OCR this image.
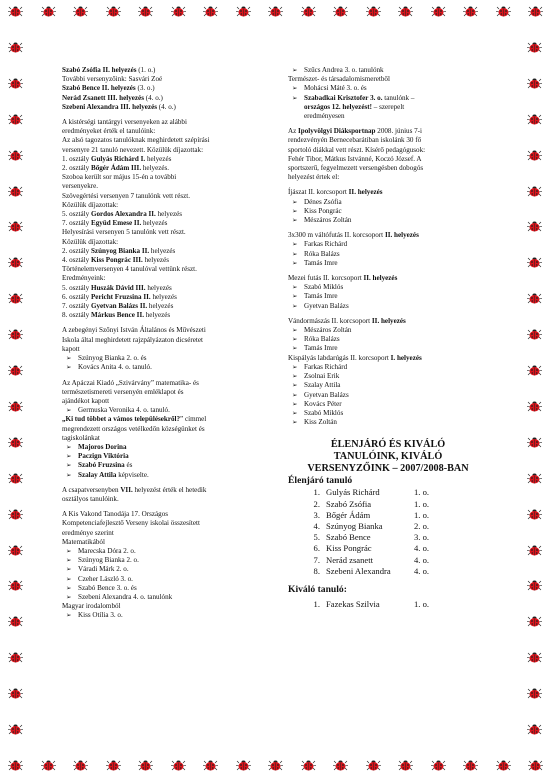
Szabó Zsófia II. helyezés (1. o.)
További versenyzőink: Sasvári Zoé
Szabó Bence II. helyezés (3. o.)
Nerád Zsanett III. helyezés (4. o.)
Szebeni Alexandra III. helyezés (4. o.)
A kistérségi tantárgyi versenyeken az alábbi
eredményeket érték el tanulóink:
Az alsó tagozatos tanulóknak meghirdetett szépírási
versenyre 21 tanuló nevezett. Közülük díjazottak:
1. osztály Gulyás Richárd I. helyezés
2. osztály Bőgér Ádám III. helyezés.
Szoboa került sor május 15-én a további
versenyekre.
Szövegértési versenyen 7 tanulónk vett részt.
Közülük díjazottak:
5. osztály Gordos Alexandra II. helyezés
7. osztály Együd Emese II. helyezés
Helyesírási versenyen 5 tanulónk vett részt.
Közülük díjazottak:
2. osztály Szúnyog Bianka II. helyezés
4. osztály Kiss Pongrác III. helyezés
Történelemversenyen 4 tanulóval vettünk részt.
Eredményeink:
5. osztály Huszák Dávid III. helyezés
6. osztály Pericht Fruzsina II. helyezés
7. osztály Gyetvan Balázs II. helyezés
8. osztály Márkus Bence II. helyezés
A zebegényi Szőnyi István Általános és Művészeti
Iskola által meghirdetett rajzpályázaton dicséretet
kapott
➢ Szúnyog Bianka 2. o. és
➢ Kovács Anita 4. o. tanuló.
Az Apáczai Kiadó „Szivárvány” matematika- és
természetismereti versenyén emléklapot és
ajándékot kapott
➢ Germuska Veronika 4. o. tanuló.
„Ki tud többet a vámos településekről?” címmel
megrendezett országos vetélkedőn községünket és
tagiskolánkat
➢ Majoros Dorina
➢ Paczign Viktória
➢ Szabó Fruzsina és
➢ Szalay Attila képviselte.
A csapatversenyben VII. helyezést érték el hetedik
osztályos tanulóink.
A Kis Vakond Tanodája 17. Országos
Kompetenciafejlesztő Verseny iskolai összesített
eredménye szerint
Matematikából
➢ Marecska Dóra 2. o.
➢ Szúnyog Bianka 2. o.
➢ Váradi Márk 2. o.
➢ Czeher László 3. o.
➢ Szabó Bence 3. o. és
➢ Szebeni Alexandra 4. o. tanulónk
Magyar irodalomból
➢ Kiss Otília 3. o.
➢ Szűcs Andrea 3. o. tanulónk
Természet- és társadalomismeretből
➢ Mohácsi Máté 3. o. és
➢ Szabadkai Krisztofer 3. o. tanulónk –
országos 12. helyezést! – szerepelt
eredményesen
Az Ipolyvölgyi Diáksportnap 2008. június 7-i
rendezvényén Bernecebarátiban iskolánk 30 fő
sportoló diákkal vett részt. Kísérő pedagógusok:
Fehér Tibor, Mátkus Istvánné, Koczó József. A
sportszerű, fegyelmezett versengésben dobogós
helyezést értek el:
Íjászat II. korcsoport II. helyezés
➢ Dénes Zsófia
➢ Kiss Pongrác
➢ Mészáros Zoltán
3x300 m váltófutás II. korcsoport II. helyezés
➢ Farkas Richárd
➢ Róka Balázs
➢ Tamás Imre
Mezei futás II. korcsoport II. helyezés
➢ Szabó Miklós
➢ Tamás Imre
➢ Gyetvan Balázs
Vándormászás II. korcsoport II. helyezés
➢ Mészáros Zoltán
➢ Róka Balázs
➢ Tamás Imre
Kispályás labdarúgás II. korcsoport I. helyezés
➢ Farkas Richárd
➢ Zsolnai Erik
➢ Szalay Attila
➢ Gyetvan Balázs
➢ Kovács Péter
➢ Szabó Miklós
➢ Kiss Zoltán
ÉLENJÁRÓ ÉS KIVÁLÓ
TANULÓINK, KIVÁLÓ
VERSENYZŐINK – 2007/2008-BAN
Élenjáró tanuló
1.	Gulyás Richárd	1. o.
2.	Szabó Zsófia	1. o.
3.	Bőgér Ádám	1. o.
4.	Szúnyog Bianka	2. o.
5.	Szabó Bence	3. o.
6.	Kiss Pongrác	4. o.
7.	Nerád zsanett	4. o.
8.	Szebeni Alexandra	4. o.
Kiváló tanuló:
1.	Fazekas Szilvia	1. o.
